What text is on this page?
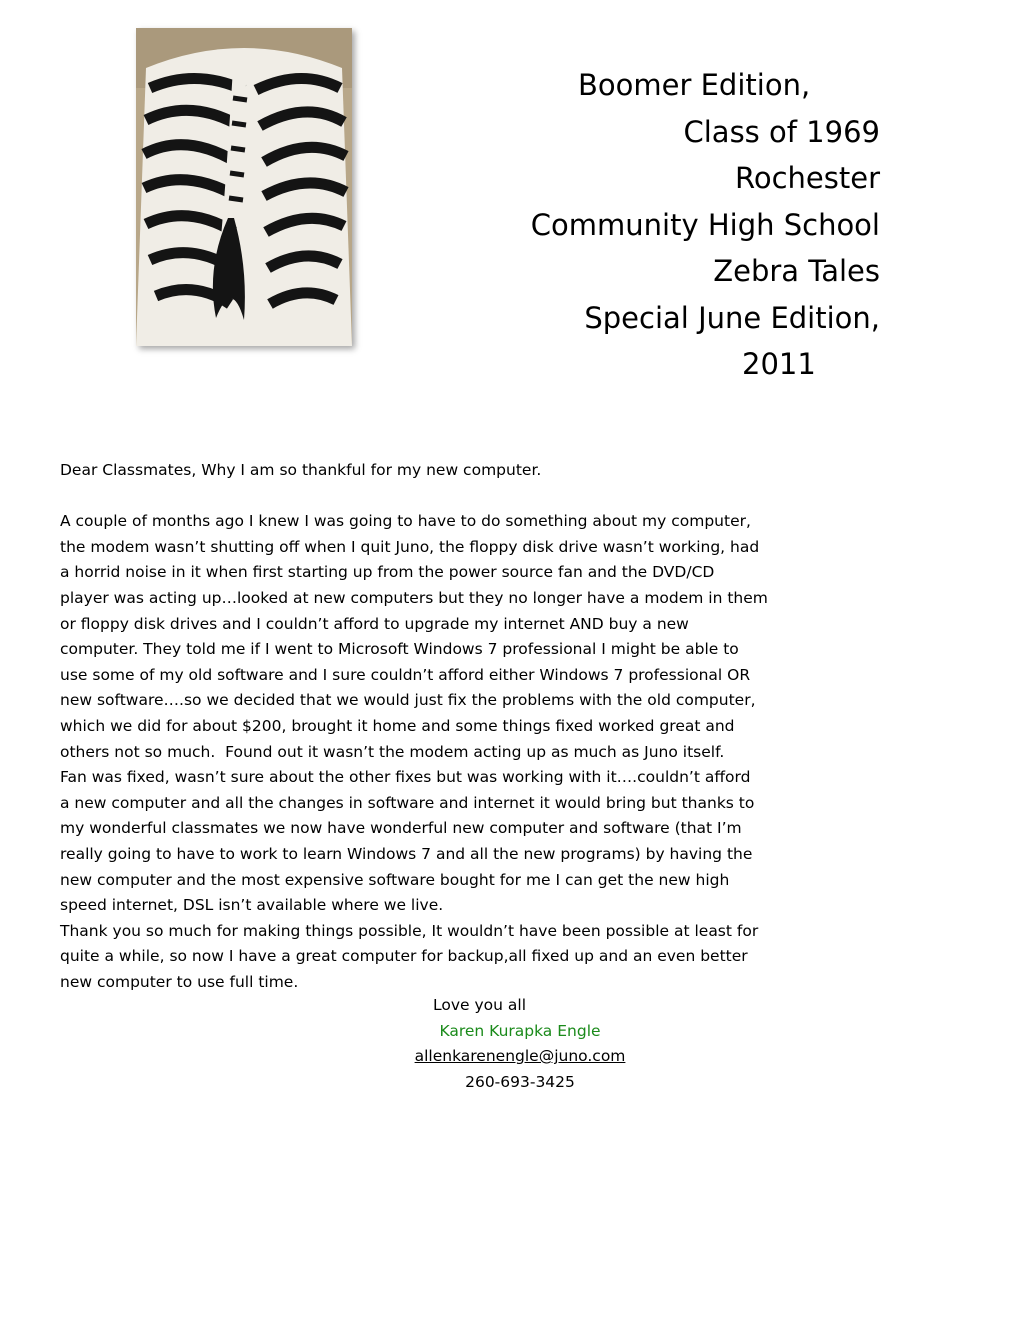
Boomer Edition,
Class of 1969
Rochester
Community High School
Zebra Tales
Special June Edition,
2011

Dear Classmates, Why I am so thankful for my new computer.

A couple of months ago I knew I was going to have to do something about my computer,

the modem wasn’t shutting off when I quit Juno, the floppy disk drive wasn’t working, had

a horrid noise in it when first starting up from the power source fan and the DVD/CD

player was acting up…looked at new computers but they no longer have a modem in them

or floppy disk drives and I couldn’t afford to upgrade my internet AND buy a new

computer. They told me if I went to Microsoft Windows 7 professional I might be able to

use some of my old software and I sure couldn’t afford either Windows 7 professional OR

new software….so we decided that we would just fix the problems with the old computer,

which we did for about $200, brought it home and some things fixed worked great and

others not so much.  Found out it wasn’t the modem acting up as much as Juno itself.

Fan was fixed, wasn’t sure about the other fixes but was working with it….couldn’t afford

a new computer and all the changes in software and internet it would bring but thanks to

my wonderful classmates we now have wonderful new computer and software (that I’m

really going to have to work to learn Windows 7 and all the new programs) by having the

new computer and the most expensive software bought for me I can get the new high

speed internet, DSL isn’t available where we live.

Thank you so much for making things possible, It wouldn’t have been possible at least for

quite a while, so now I have a great computer for backup,all fixed up and an even better

new computer to use full time.

Love you all
Karen Kurapka Engle
allenkarenengle@juno.com
260-693-3425
